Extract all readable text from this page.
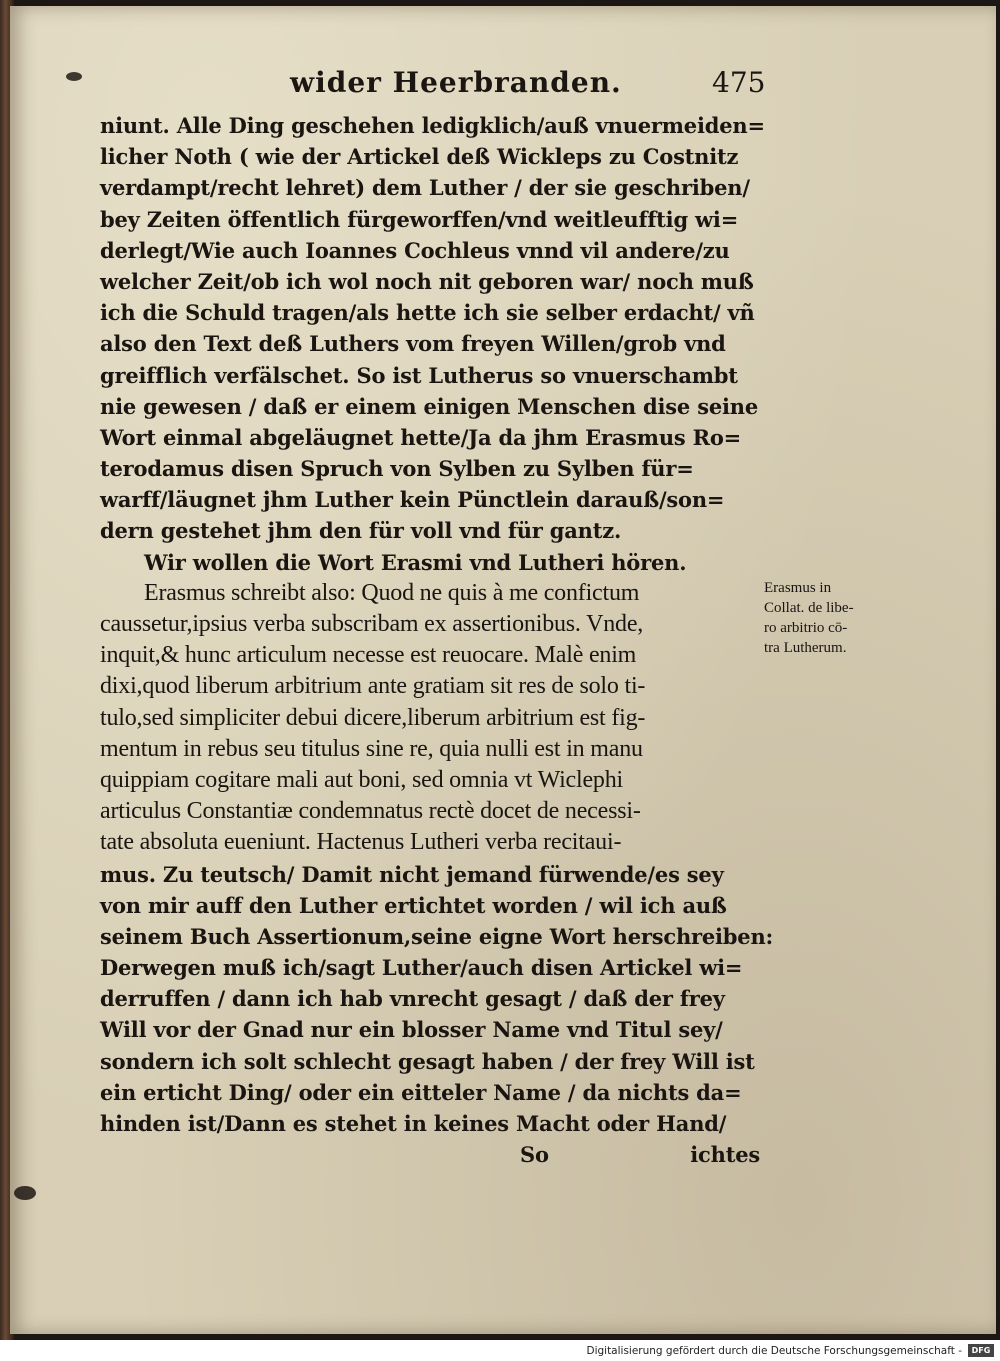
wider Heerbranden.	475
niunt. Alle Ding geschehen ledigklich/auß vnuermeiden=
licher Noth ( wie der Artickel deß Wickleps zu Costnitz
verdampt/recht lehret) dem Luther / der sie geschriben/
bey Zeiten öffentlich fürgeworffen/vnd weitleufftig wi=
derlegt/Wie auch Ioannes Cochleus vnnd vil andere/zu
welcher Zeit/ob ich wol noch nit geboren war/ noch muß
ich die Schuld tragen/als hette ich sie selber erdacht/ vñ
also den Text deß Luthers vom freyen Willen/grob vnd
greifflich verfälschet. So ist Lutherus so vnuerschambt
nie gewesen / daß er einem einigen Menschen dise seine
Wort einmal abgeläugnet hette/Ja da jhm Erasmus Ro=
terodamus disen Spruch von Sylben zu Sylben für=
warff/läugnet jhm Luther kein Pünctlein darauß/son=
dern gestehet jhm den für voll vnd für gantz.
Wir wollen die Wort Erasmi vnd Lutheri hören.
Erasmus schreibt also: Quod ne quis à me confictum
caussetur,ipsius verba subscribam ex assertionibus. Vnde,
inquit,& hunc articulum necesse est reuocare. Malè enim
dixi,quod liberum arbitrium ante gratiam sit res de solo ti-
tulo,sed simpliciter debui dicere,liberum arbitrium est fig-
mentum in rebus seu titulus sine re, quia nulli est in manu
quippiam cogitare mali aut boni, sed omnia vt Wiclephi
articulus Constantiæ condemnatus rectè docet de necessi-
tate absoluta eueniunt. Hactenus Lutheri verba recitaui-
mus. Zu teutsch/ Damit nicht jemand fürwende/es sey
von mir auff den Luther ertichtet worden / wil ich auß
seinem Buch Assertionum,seine eigne Wort herschreiben:
Derwegen muß ich/sagt Luther/auch disen Artickel wi=
derruffen / dann ich hab vnrecht gesagt / daß der frey
Will vor der Gnad nur ein blosser Name vnd Titul sey/
sondern ich solt schlecht gesagt haben / der frey Will ist
ein erticht Ding/ oder ein eitteler Name / da nichts da=
hinden ist/Dann es stehet in keines Macht oder Hand/
So	ichtes
Erasmus in
Collat. de libe-
ro arbitrio cō-
tra Lutherum.
Digitalisierung gefördert durch die Deutsche Forschungsgemeinschaft -	DFG
